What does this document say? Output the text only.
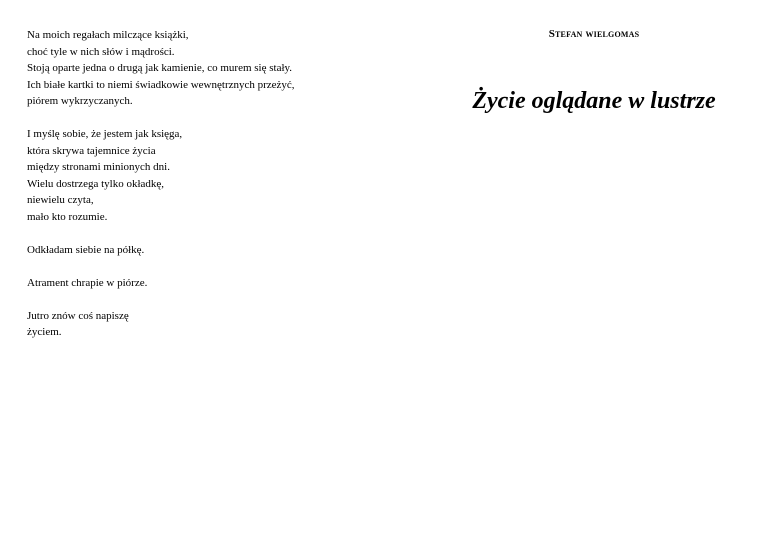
Na moich regałach milczące książki,
choć tyle w nich słów i mądrości.
Stoją oparte jedna o drugą jak kamienie, co murem się stały.
Ich białe kartki to niemi świadkowie wewnętrznych przeżyć,
piórem wykrzyczanych.
I myślę sobie, że jestem jak księga,
która skrywa tajemnice życia
między stronami minionych dni.
Wielu dostrzega tylko okładkę,
niewielu czyta,
mało kto rozumie.
Odkładam siebie na półkę.
Atrament chrapie w piórze.
Jutro znów coś napiszę
życiem.
Stefan wielgomas
Życie oglądane w lustrze
